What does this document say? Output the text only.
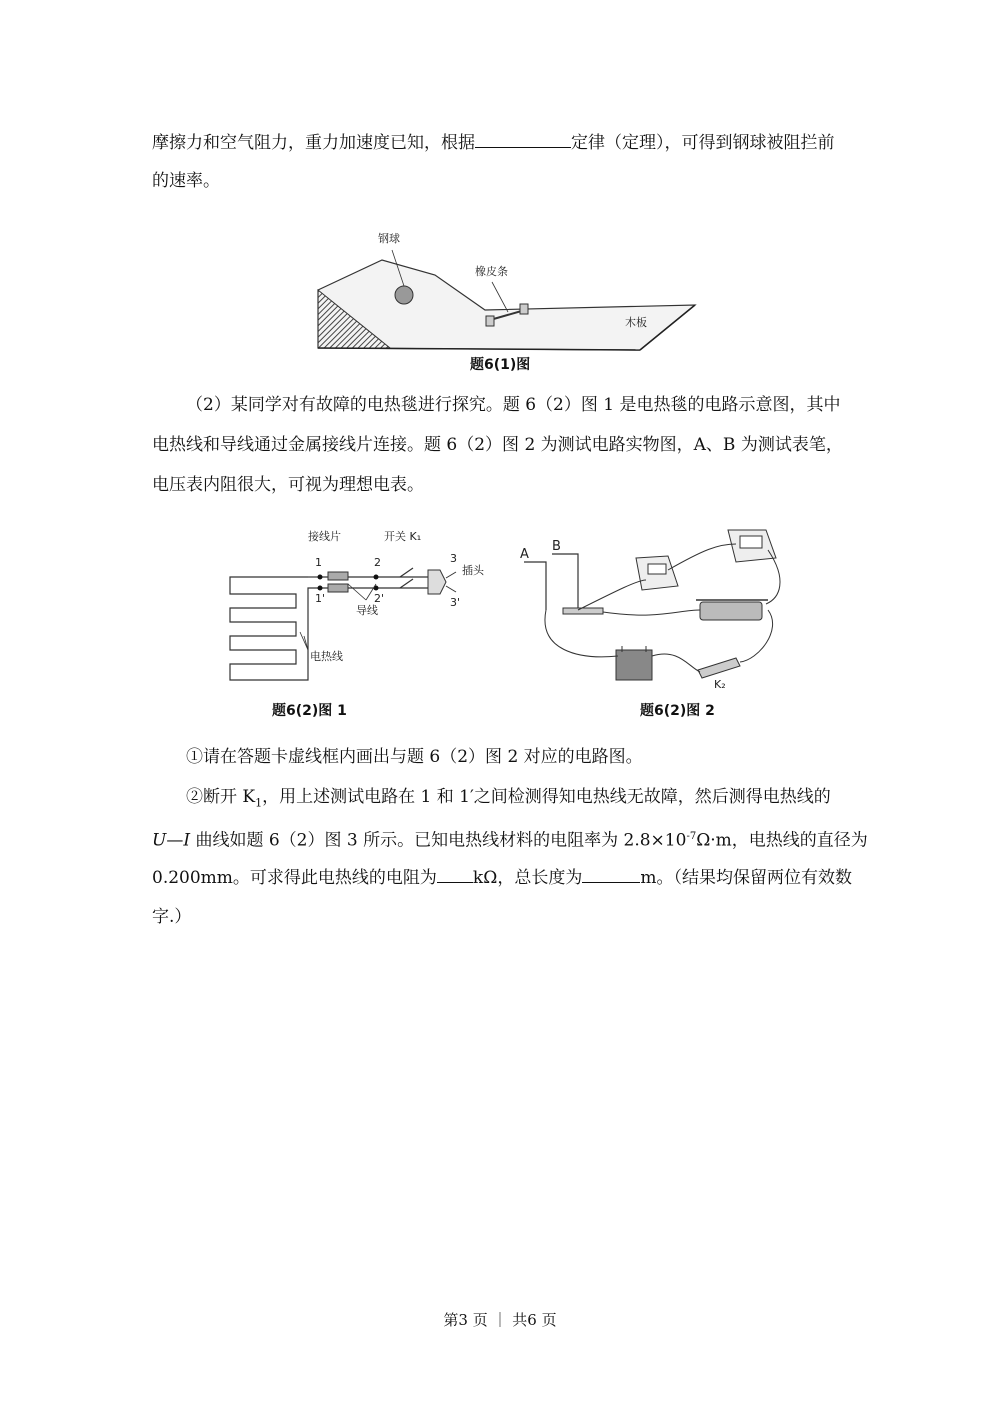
摩擦力和空气阻力，重力加速度已知，根据	定律（定理），可得到钢球被阻拦前
的速率。
钢球
橡皮条
木板
题6(1)图
（2）某同学对有故障的电热毯进行探究。题 6（2）图 1 是电热毯的电路示意图，其中
电热线和导线通过金属接线片连接。题 6（2）图 2 为测试电路实物图，A、B 为测试表笔，
电压表内阻很大，可视为理想电表。
接线片	开关 K₁
插头
导线
电热线
1
1'
2
2'
3
3'
题6(2)图 1
A
B
K₂
题6(2)图 2
①请在答题卡虚线框内画出与题 6（2）图 2 对应的电路图。
②断开 $K_1$，用上述测试电路在 1 和 1′之间检测得知电热线无故障，然后测得电热线的
U—I 曲线如题 6（2）图 3 所示。已知电热线材料的电阻率为 $2.8\times 10^{-7}\Omega\cdot m$，电热线的直径为
0.200mm。可求得此电热线的电阻为 kΩ，总长度为	m。（结果均保留两位有效数
字.）
第3 页 ｜ 共6 页
